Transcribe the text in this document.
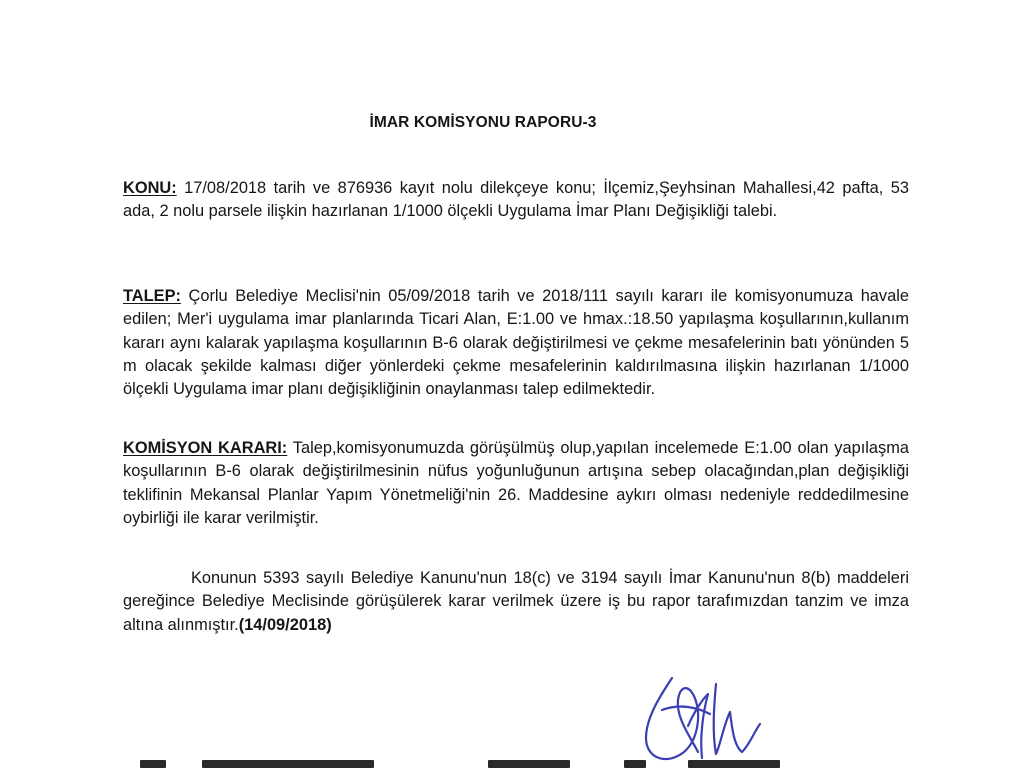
İMAR KOMİSYONU RAPORU-3
KONU: 17/08/2018 tarih ve 876936 kayıt nolu dilekçeye konu; İlçemiz,Şeyhsinan Mahallesi,42 pafta, 53 ada, 2 nolu parsele ilişkin hazırlanan 1/1000 ölçekli Uygulama İmar Planı Değişikliği talebi.
TALEP: Çorlu Belediye Meclisi'nin 05/09/2018 tarih ve 2018/111 sayılı kararı ile komisyonumuza havale edilen; Mer'i uygulama imar planlarında Ticari Alan, E:1.00 ve hmax.:18.50 yapılaşma koşullarının,kullanım kararı aynı kalarak yapılaşma koşullarının B-6 olarak değiştirilmesi ve çekme mesafelerinin batı yönünden 5 m olacak şekilde kalması diğer yönlerdeki çekme mesafelerinin kaldırılmasına ilişkin hazırlanan 1/1000 ölçekli Uygulama imar planı değişikliğinin onaylanması talep edilmektedir.
KOMİSYON KARARI: Talep,komisyonumuzda görüşülmüş olup,yapılan incelemede E:1.00 olan yapılaşma koşullarının B-6 olarak değiştirilmesinin nüfus yoğunluğunun artışına sebep olacağından,plan değişikliği teklifinin Mekansal Planlar Yapım Yönetmeliği'nin 26. Maddesine aykırı olması nedeniyle reddedilmesine oybirliği ile karar verilmiştir.
Konunun 5393 sayılı Belediye Kanunu'nun 18(c) ve 3194 sayılı İmar Kanunu'nun 8(b) maddeleri gereğince Belediye Meclisinde görüşülerek karar verilmek üzere iş bu rapor tarafımızdan tanzim ve imza altına alınmıştır.(14/09/2018)
